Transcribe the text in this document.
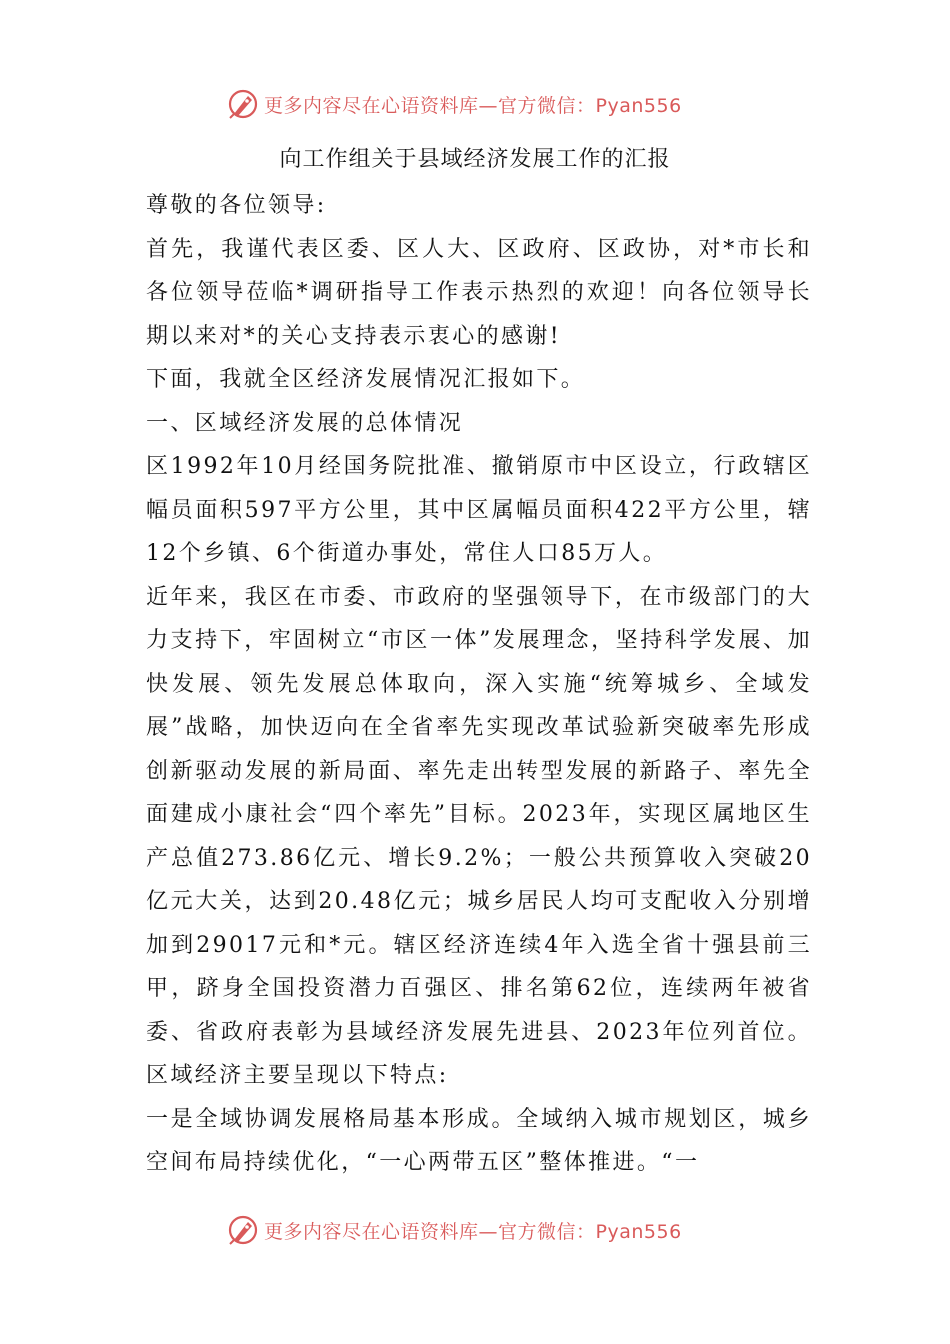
更多内容尽在心语资料库—官方微信：Pyan556
向工作组关于县域经济发展工作的汇报

尊敬的各位领导:

首先，我谨代表区委、区人大、区政府、区政协，对*市长和各位领导莅临*调研指导工作表示热烈的欢迎！向各位领导长期以来对*的关心支持表示衷心的感谢!

下面，我就全区经济发展情况汇报如下。

一、区域经济发展的总体情况

区1992年10月经国务院批准、撤销原市中区设立，行政辖区幅员面积597平方公里，其中区属幅员面积422平方公里，辖12个乡镇、6个街道办事处，常住人口85万人。

近年来，我区在市委、市政府的坚强领导下，在市级部门的大力支持下，牢固树立“市区一体”发展理念，坚持科学发展、加快发展、领先发展总体取向，深入实施“统筹城乡、全域发展”战略，加快迈向在全省率先实现改革试验新突破率先形成创新驱动发展的新局面、率先走出转型发展的新路子、率先全面建成小康社会“四个率先”目标。2023年，实现区属地区生产总值273.86亿元、增长9.2%；一般公共预算收入突破20亿元大关，达到20.48亿元；城乡居民人均可支配收入分别增加到29017元和*元。辖区经济连续4年入选全省十强县前三甲，跻身全国投资潜力百强区、排名第62位，连续两年被省委、省政府表彰为县域经济发展先进县、2023年位列首位。区域经济主要呈现以下特点:

一是全域协调发展格局基本形成。全域纳入城市规划区，城乡空间布局持续优化，“一心两带五区”整体推进。“一

更多内容尽在心语资料库—官方微信：Pyan556
